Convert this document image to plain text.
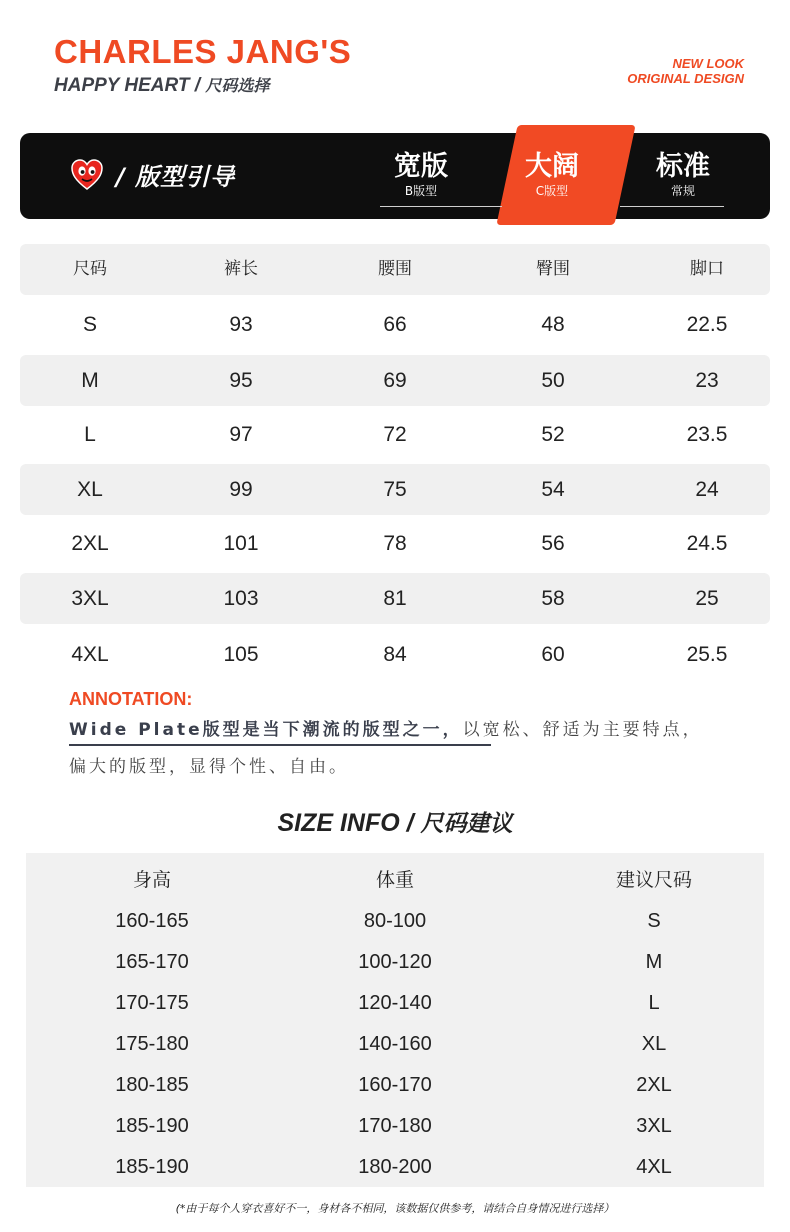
CHARLES JANG'S
HAPPY HEART / 尺码选择
NEW LOOK
ORIGINAL DESIGN
/ 版型引导	宽版
B版型
大阔
C版型
标准
常规
尺码	裤长	腰围	臀围	脚口
S	93	66	48	22.5
M	95	69	50	23
L	97	72	52	23.5
XL	99	75	54	24
2XL	101	78	56	24.5
3XL	103	81	58	25
4XL	105	84	60	25.5
ANNOTATION:
Wide Plate版型是当下潮流的版型之一，以宽松、舒适为主要特点，
偏大的版型，显得个性、自由。
SIZE INFO / 尺码建议
身高	体重	建议尺码
160-165	80-100	S
165-170	100-120	M
170-175	120-140	L
175-180	140-160	XL
180-185	160-170	2XL
185-190	170-180	3XL
185-190	180-200	4XL
(*由于每个人穿衣喜好不一，身材各不相同，该数据仅供参考，请结合自身情况进行选择）
